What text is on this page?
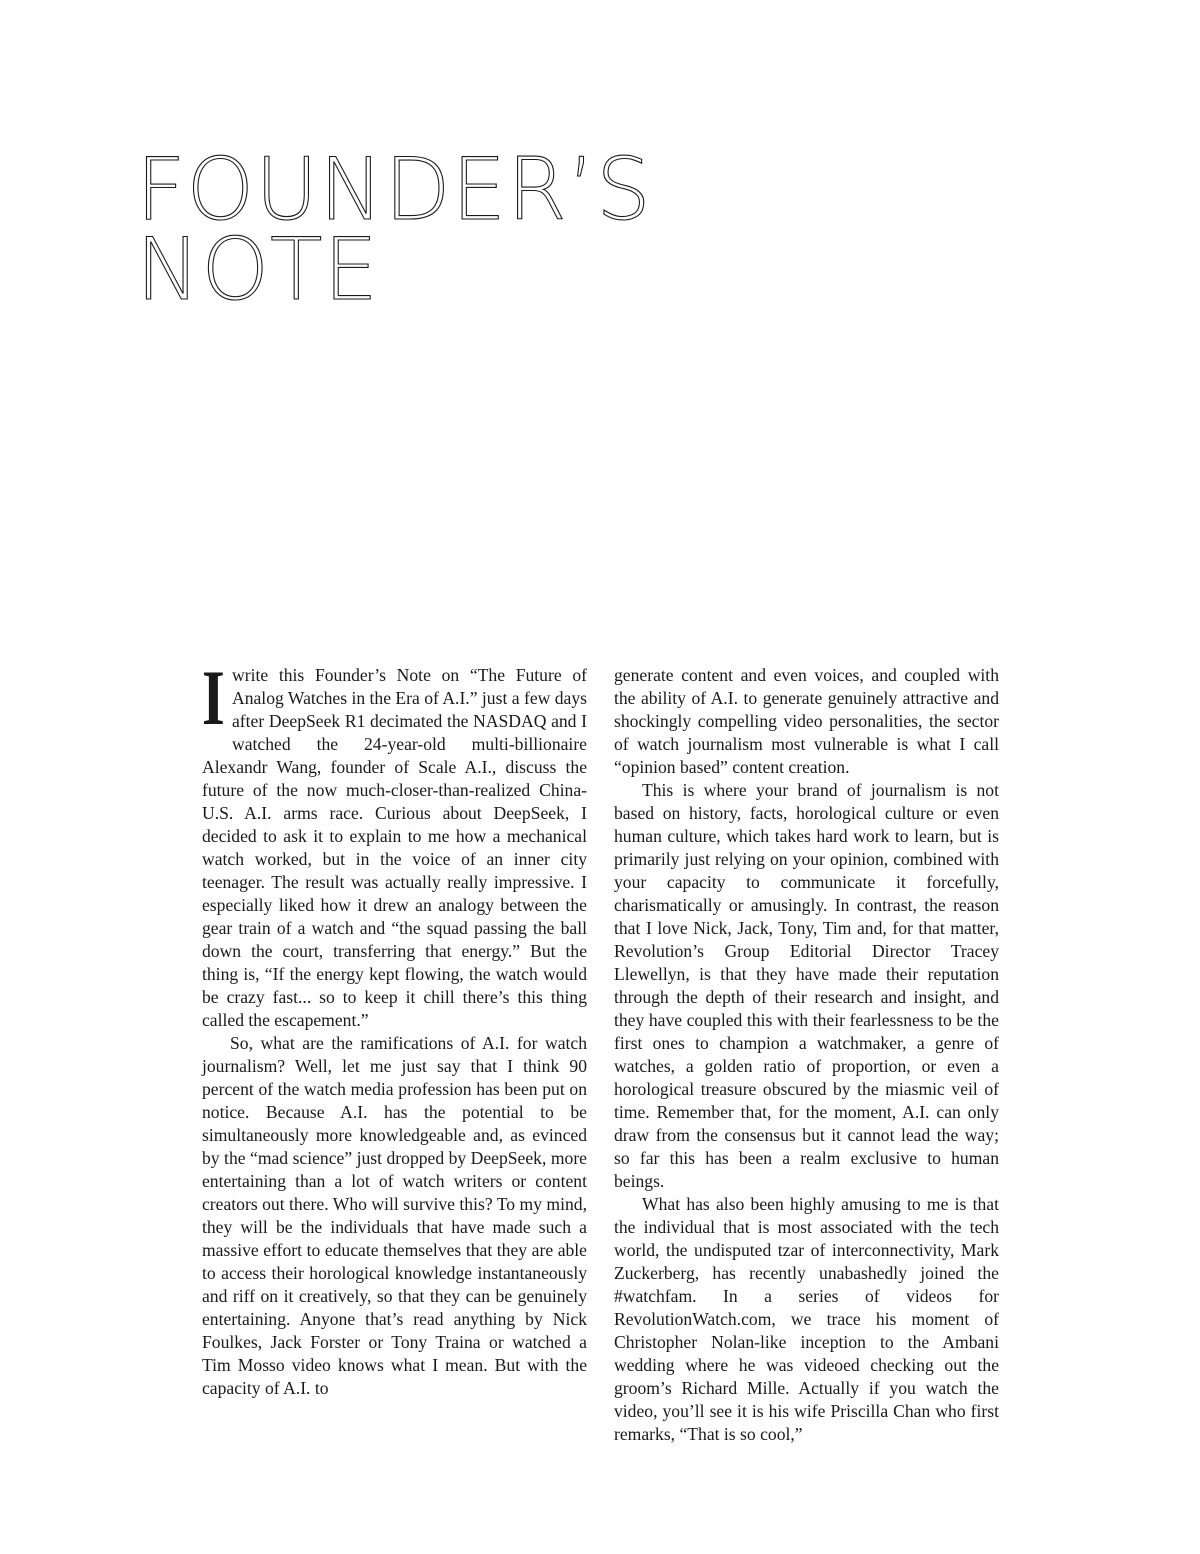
FOUNDER’S
NOTE

I write this Founder’s Note on “The Future of Analog Watches in the Era of A.I.” just a few days after DeepSeek R1 decimated the NASDAQ and I watched the 24-year-old multi-billionaire Alexandr Wang, founder of Scale A.I., discuss the future of the now much-closer-than-realized China-U.S. A.I. arms race. Curious about DeepSeek, I decided to ask it to explain to me how a mechanical watch worked, but in the voice of an inner city teenager. The result was actually really impressive. I especially liked how it drew an analogy between the gear train of a watch and “the squad passing the ball down the court, transferring that energy.” But the thing is, “If the energy kept flowing, the watch would be crazy fast... so to keep it chill there’s this thing called the escapement.”

So, what are the ramifications of A.I. for watch journalism? Well, let me just say that I think 90 percent of the watch media profession has been put on notice. Because A.I. has the potential to be simultaneously more knowledgeable and, as evinced by the “mad science” just dropped by DeepSeek, more entertaining than a lot of watch writers or content creators out there. Who will survive this? To my mind, they will be the individuals that have made such a massive effort to educate themselves that they are able to access their horological knowledge instantaneously and riff on it creatively, so that they can be genuinely entertaining. Anyone that’s read anything by Nick Foulkes, Jack Forster or Tony Traina or watched a Tim Mosso video knows what I mean. But with the capacity of A.I. to

generate content and even voices, and coupled with the ability of A.I. to generate genuinely attractive and shockingly compelling video personalities, the sector of watch journalism most vulnerable is what I call “opinion based” content creation.

This is where your brand of journalism is not based on history, facts, horological culture or even human culture, which takes hard work to learn, but is primarily just relying on your opinion, combined with your capacity to communicate it forcefully, charismatically or amusingly. In contrast, the reason that I love Nick, Jack, Tony, Tim and, for that matter, Revolution’s Group Editorial Director Tracey Llewellyn, is that they have made their reputation through the depth of their research and insight, and they have coupled this with their fearlessness to be the first ones to champion a watchmaker, a genre of watches, a golden ratio of proportion, or even a horological treasure obscured by the miasmic veil of time. Remember that, for the moment, A.I. can only draw from the consensus but it cannot lead the way; so far this has been a realm exclusive to human beings.

What has also been highly amusing to me is that the individual that is most associated with the tech world, the undisputed tzar of interconnectivity, Mark Zuckerberg, has recently unabashedly joined the #watchfam. In a series of videos for RevolutionWatch.com, we trace his moment of Christopher Nolan-like inception to the Ambani wedding where he was videoed checking out the groom’s Richard Mille. Actually if you watch the video, you’ll see it is his wife Priscilla Chan who first remarks, “That is so cool,”
